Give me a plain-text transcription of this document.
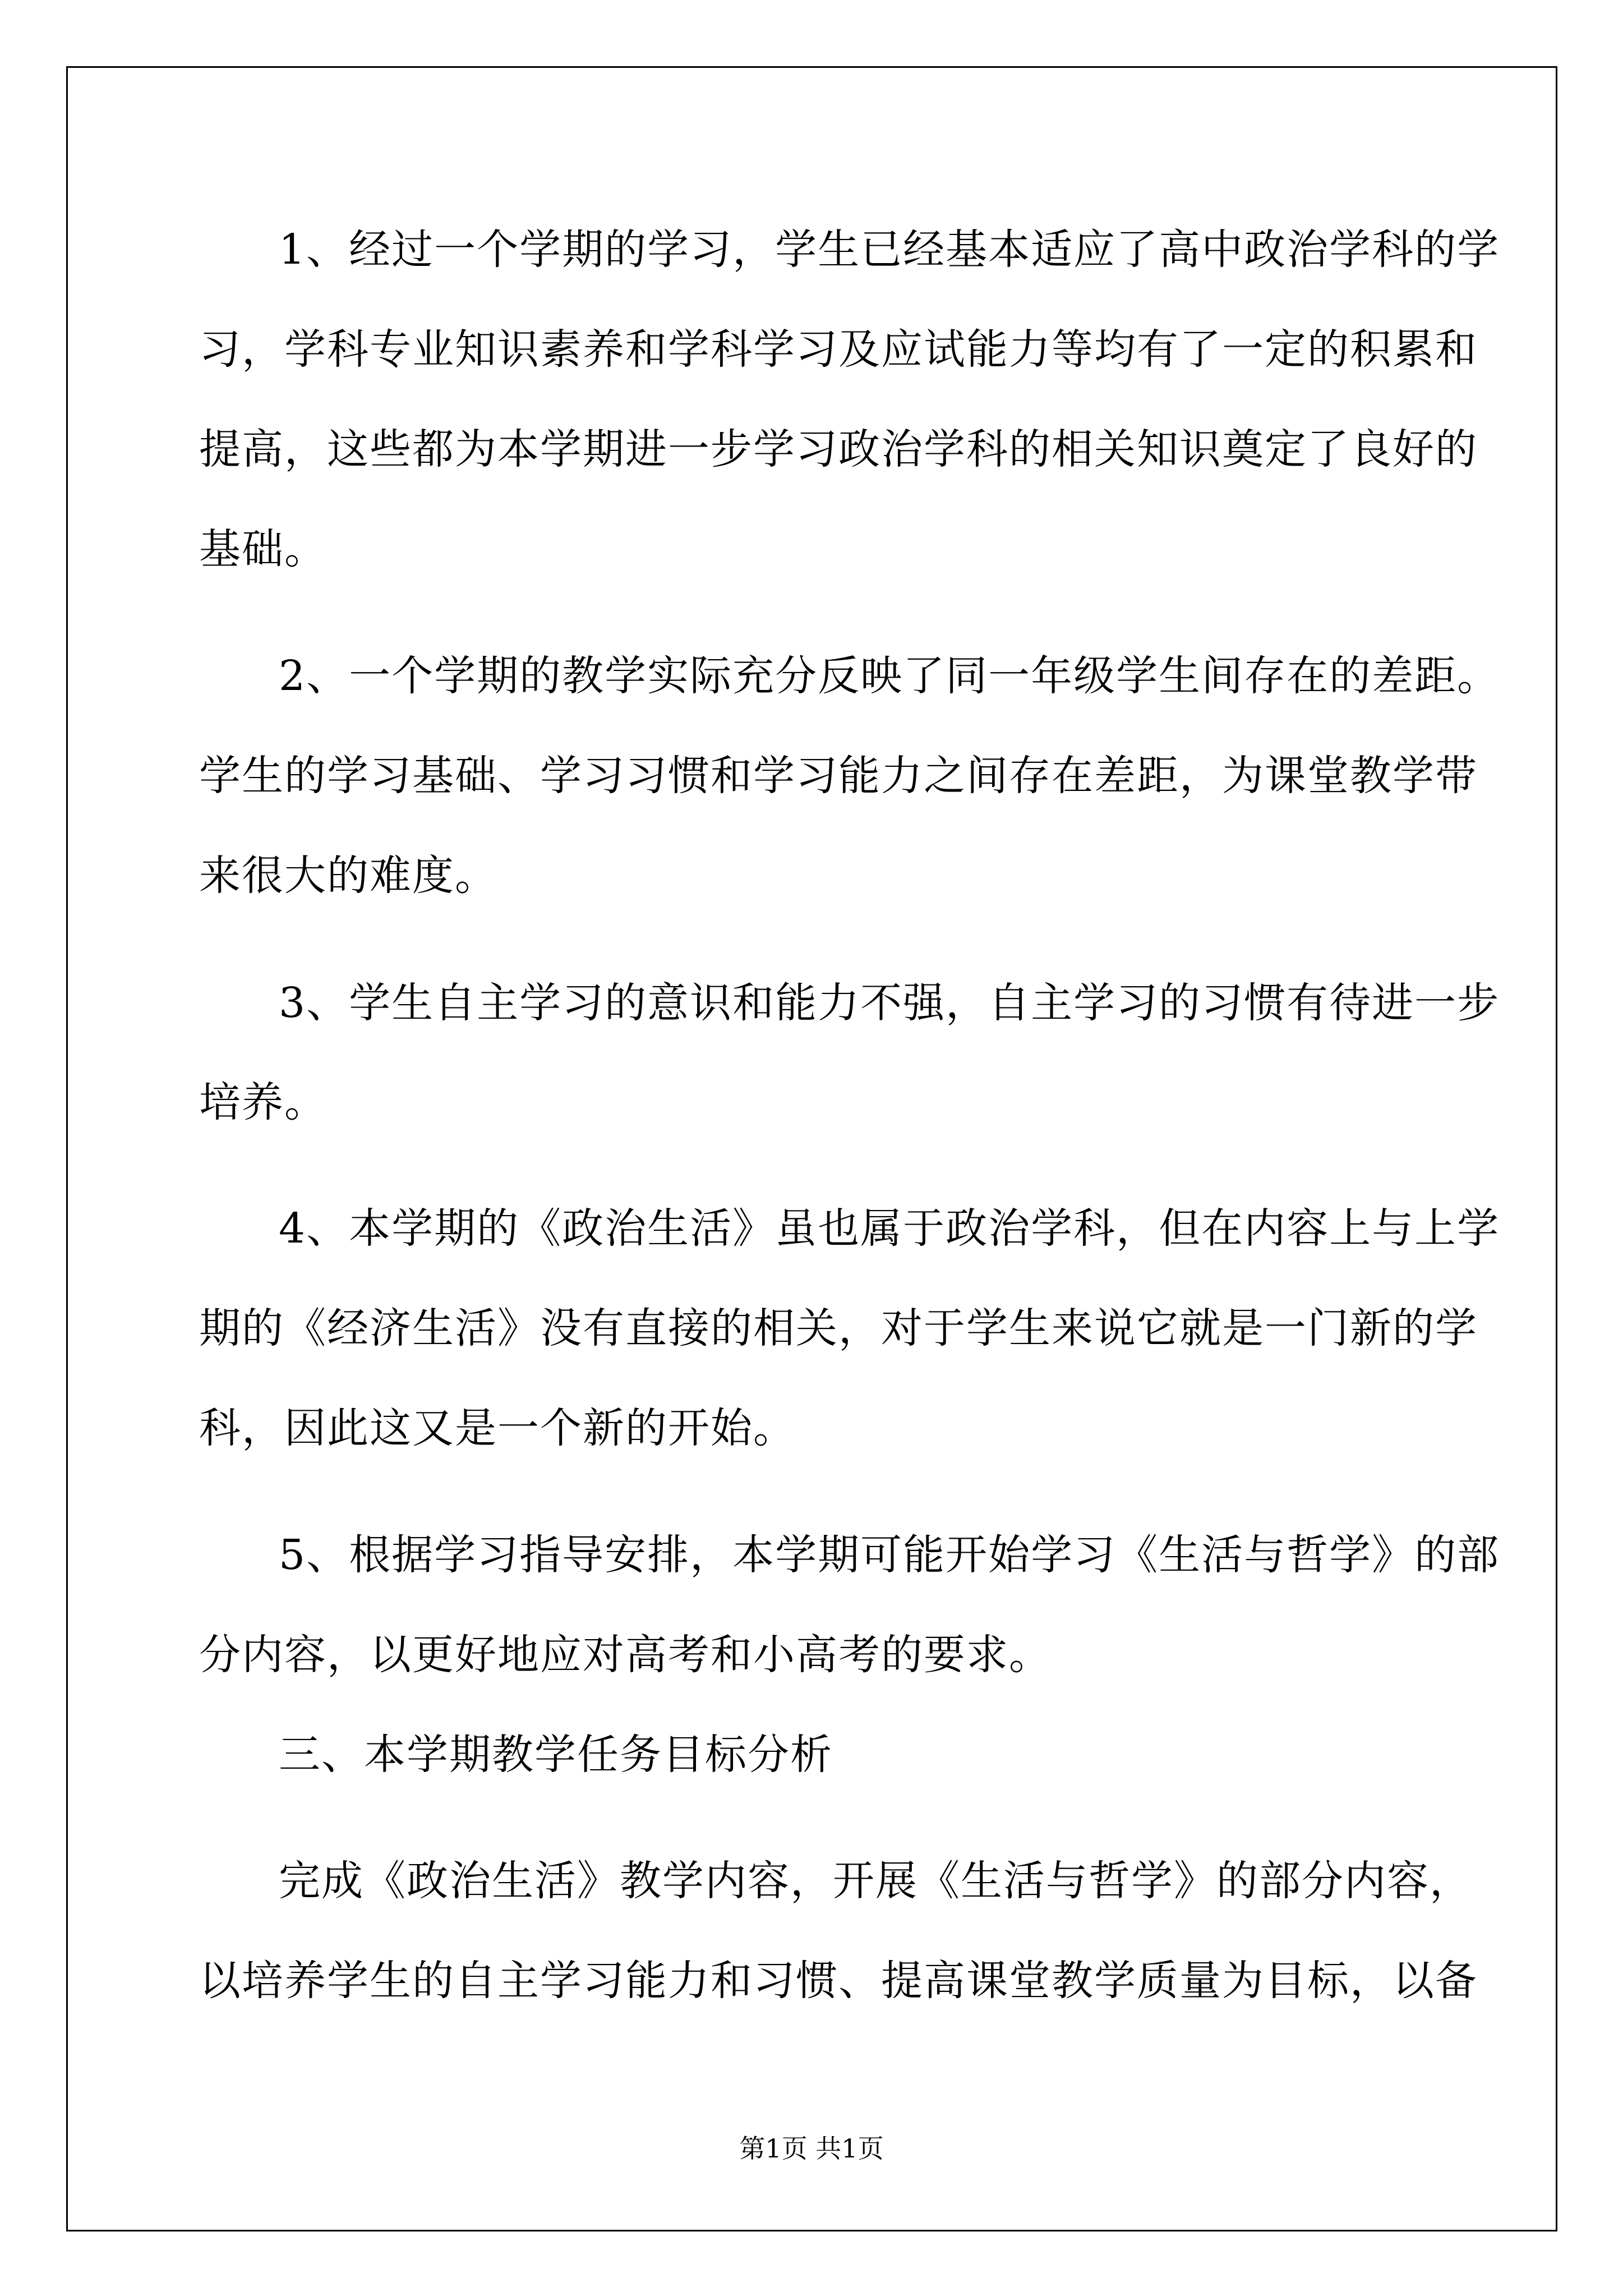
1、经过一个学期的学习，学生已经基本适应了高中政治学科的学

习，学科专业知识素养和学科学习及应试能力等均有了一定的积累和

提高，这些都为本学期进一步学习政治学科的相关知识奠定了良好的

基础。

2、一个学期的教学实际充分反映了同一年级学生间存在的差距。

学生的学习基础、学习习惯和学习能力之间存在差距，为课堂教学带

来很大的难度。

3、学生自主学习的意识和能力不强，自主学习的习惯有待进一步

培养。

4、本学期的《政治生活》虽也属于政治学科，但在内容上与上学

期的《经济生活》没有直接的相关，对于学生来说它就是一门新的学

科，因此这又是一个新的开始。

5、根据学习指导安排，本学期可能开始学习《生活与哲学》的部

分内容，以更好地应对高考和小高考的要求。

三、本学期教学任务目标分析

完成《政治生活》教学内容，开展《生活与哲学》的部分内容，

以培养学生的自主学习能力和习惯、提高课堂教学质量为目标，以备

第1页 共1页
